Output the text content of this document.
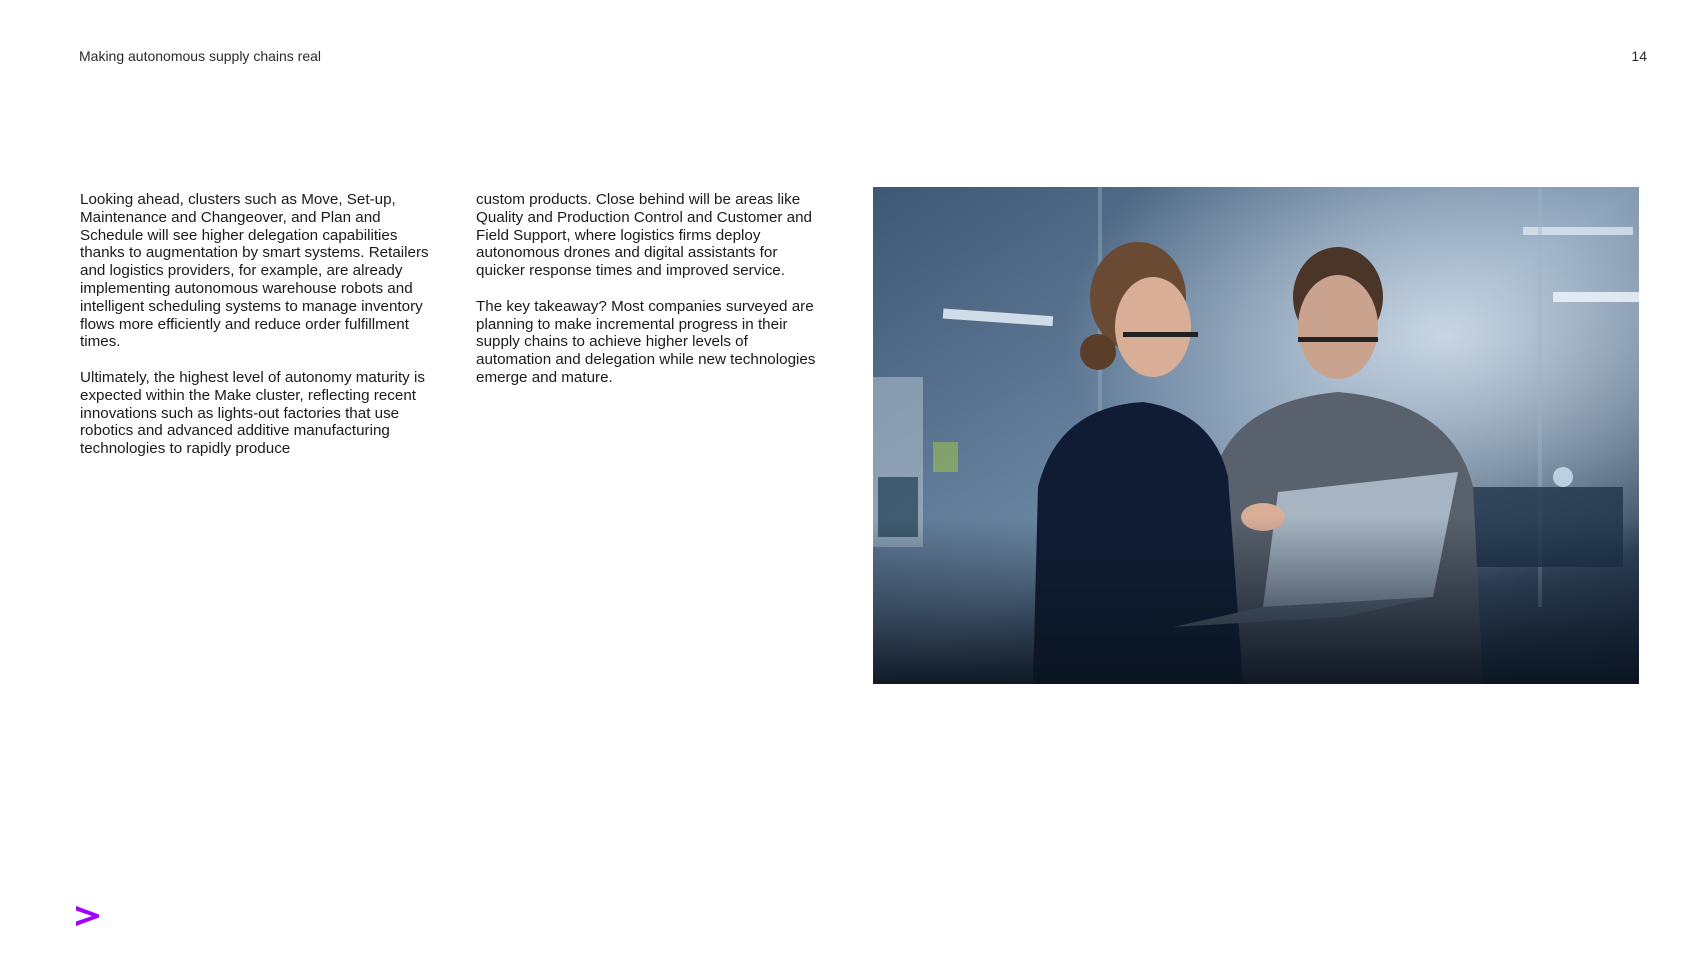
Making autonomous supply chains real	14

Looking ahead, clusters such as Move, Set-up, Maintenance and Changeover, and Plan and Schedule will see higher delegation capabilities thanks to augmentation by smart systems. Retailers and logistics providers, for example, are already implementing autonomous warehouse robots and intelligent scheduling systems to manage inventory flows more efficiently and reduce order fulfillment times.

Ultimately, the highest level of autonomy maturity is expected within the Make cluster, reflecting recent innovations such as lights-out factories that use robotics and advanced additive manufacturing technologies to rapidly produce

custom products. Close behind will be areas like Quality and Production Control and Customer and Field Support, where logistics firms deploy autonomous drones and digital assistants for quicker response times and improved service.

The key takeaway? Most companies surveyed are planning to make incremental progress in their supply chains to achieve higher levels of automation and delegation while new technologies emerge and mature.
